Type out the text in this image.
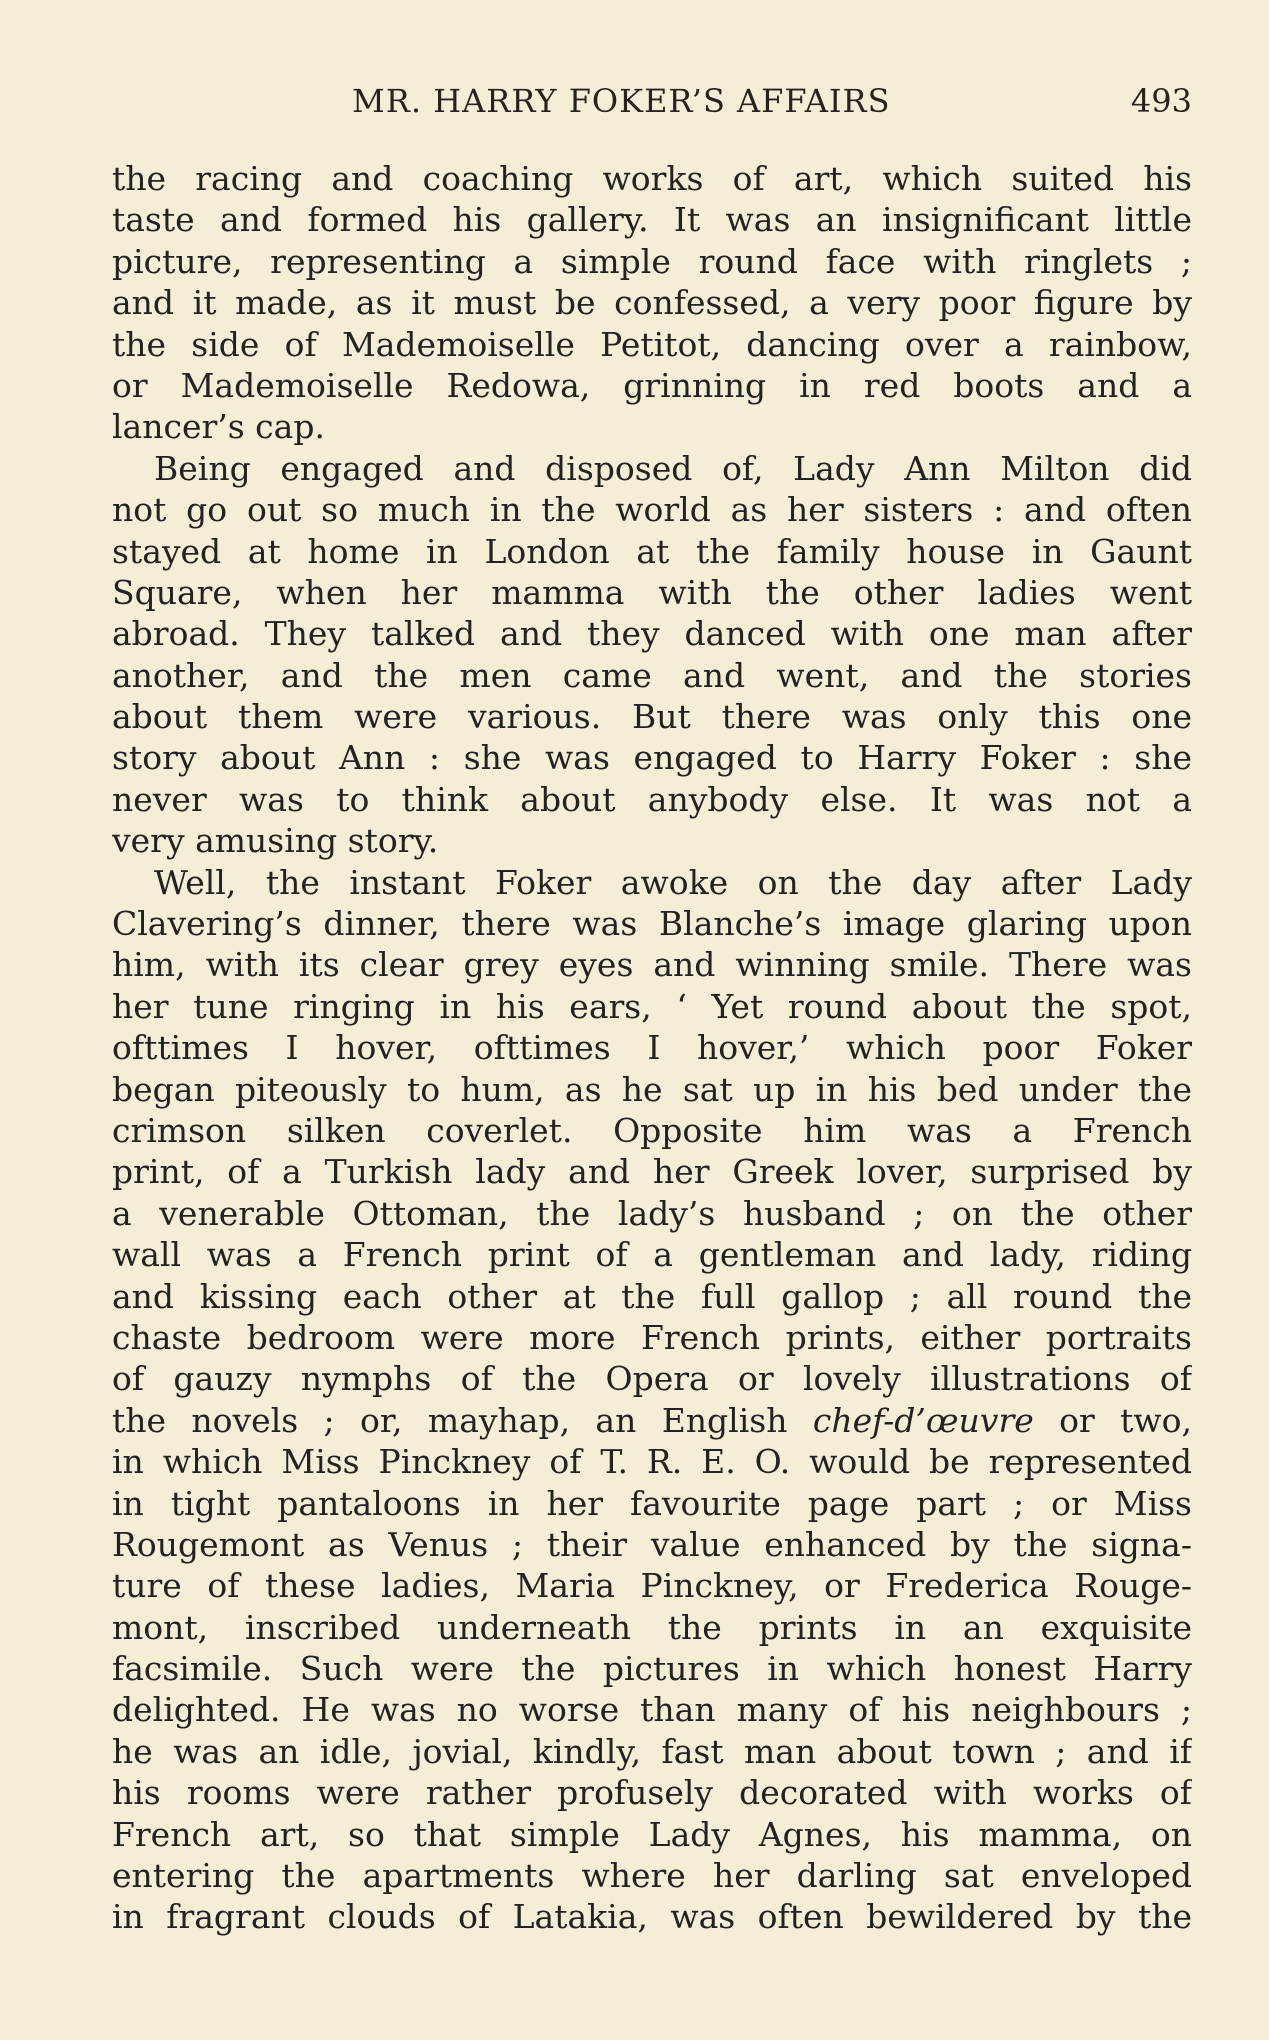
MR. HARRY FOKER’S AFFAIRS	493
the racing and coaching works of art, which suited his
taste and formed his gallery. It was an insignificant little
picture, representing a simple round face with ringlets ;
and it made, as it must be confessed, a very poor figure by
the side of Mademoiselle Petitot, dancing over a rainbow,
or Mademoiselle Redowa, grinning in red boots and a
lancer’s cap.
Being engaged and disposed of, Lady Ann Milton did
not go out so much in the world as her sisters : and often
stayed at home in London at the family house in Gaunt
Square, when her mamma with the other ladies went
abroad. They talked and they danced with one man after
another, and the men came and went, and the stories
about them were various. But there was only this one
story about Ann : she was engaged to Harry Foker : she
never was to think about anybody else. It was not a
very amusing story.
Well, the instant Foker awoke on the day after Lady
Clavering’s dinner, there was Blanche’s image glaring upon
him, with its clear grey eyes and winning smile. There was
her tune ringing in his ears, ‘ Yet round about the spot,
ofttimes I hover, ofttimes I hover,’ which poor Foker
began piteously to hum, as he sat up in his bed under the
crimson silken coverlet. Opposite him was a French
print, of a Turkish lady and her Greek lover, surprised by
a venerable Ottoman, the lady’s husband ; on the other
wall was a French print of a gentleman and lady, riding
and kissing each other at the full gallop ; all round the
chaste bedroom were more French prints, either portraits
of gauzy nymphs of the Opera or lovely illustrations of
the novels ; or, mayhap, an English chef-d’œuvre or two,
in which Miss Pinckney of T. R. E. O. would be represented
in tight pantaloons in her favourite page part ; or Miss
Rougemont as Venus ; their value enhanced by the signa-
ture of these ladies, Maria Pinckney, or Frederica Rouge-
mont, inscribed underneath the prints in an exquisite
facsimile. Such were the pictures in which honest Harry
delighted. He was no worse than many of his neighbours ;
he was an idle, jovial, kindly, fast man about town ; and if
his rooms were rather profusely decorated with works of
French art, so that simple Lady Agnes, his mamma, on
entering the apartments where her darling sat enveloped
in fragrant clouds of Latakia, was often bewildered by the
